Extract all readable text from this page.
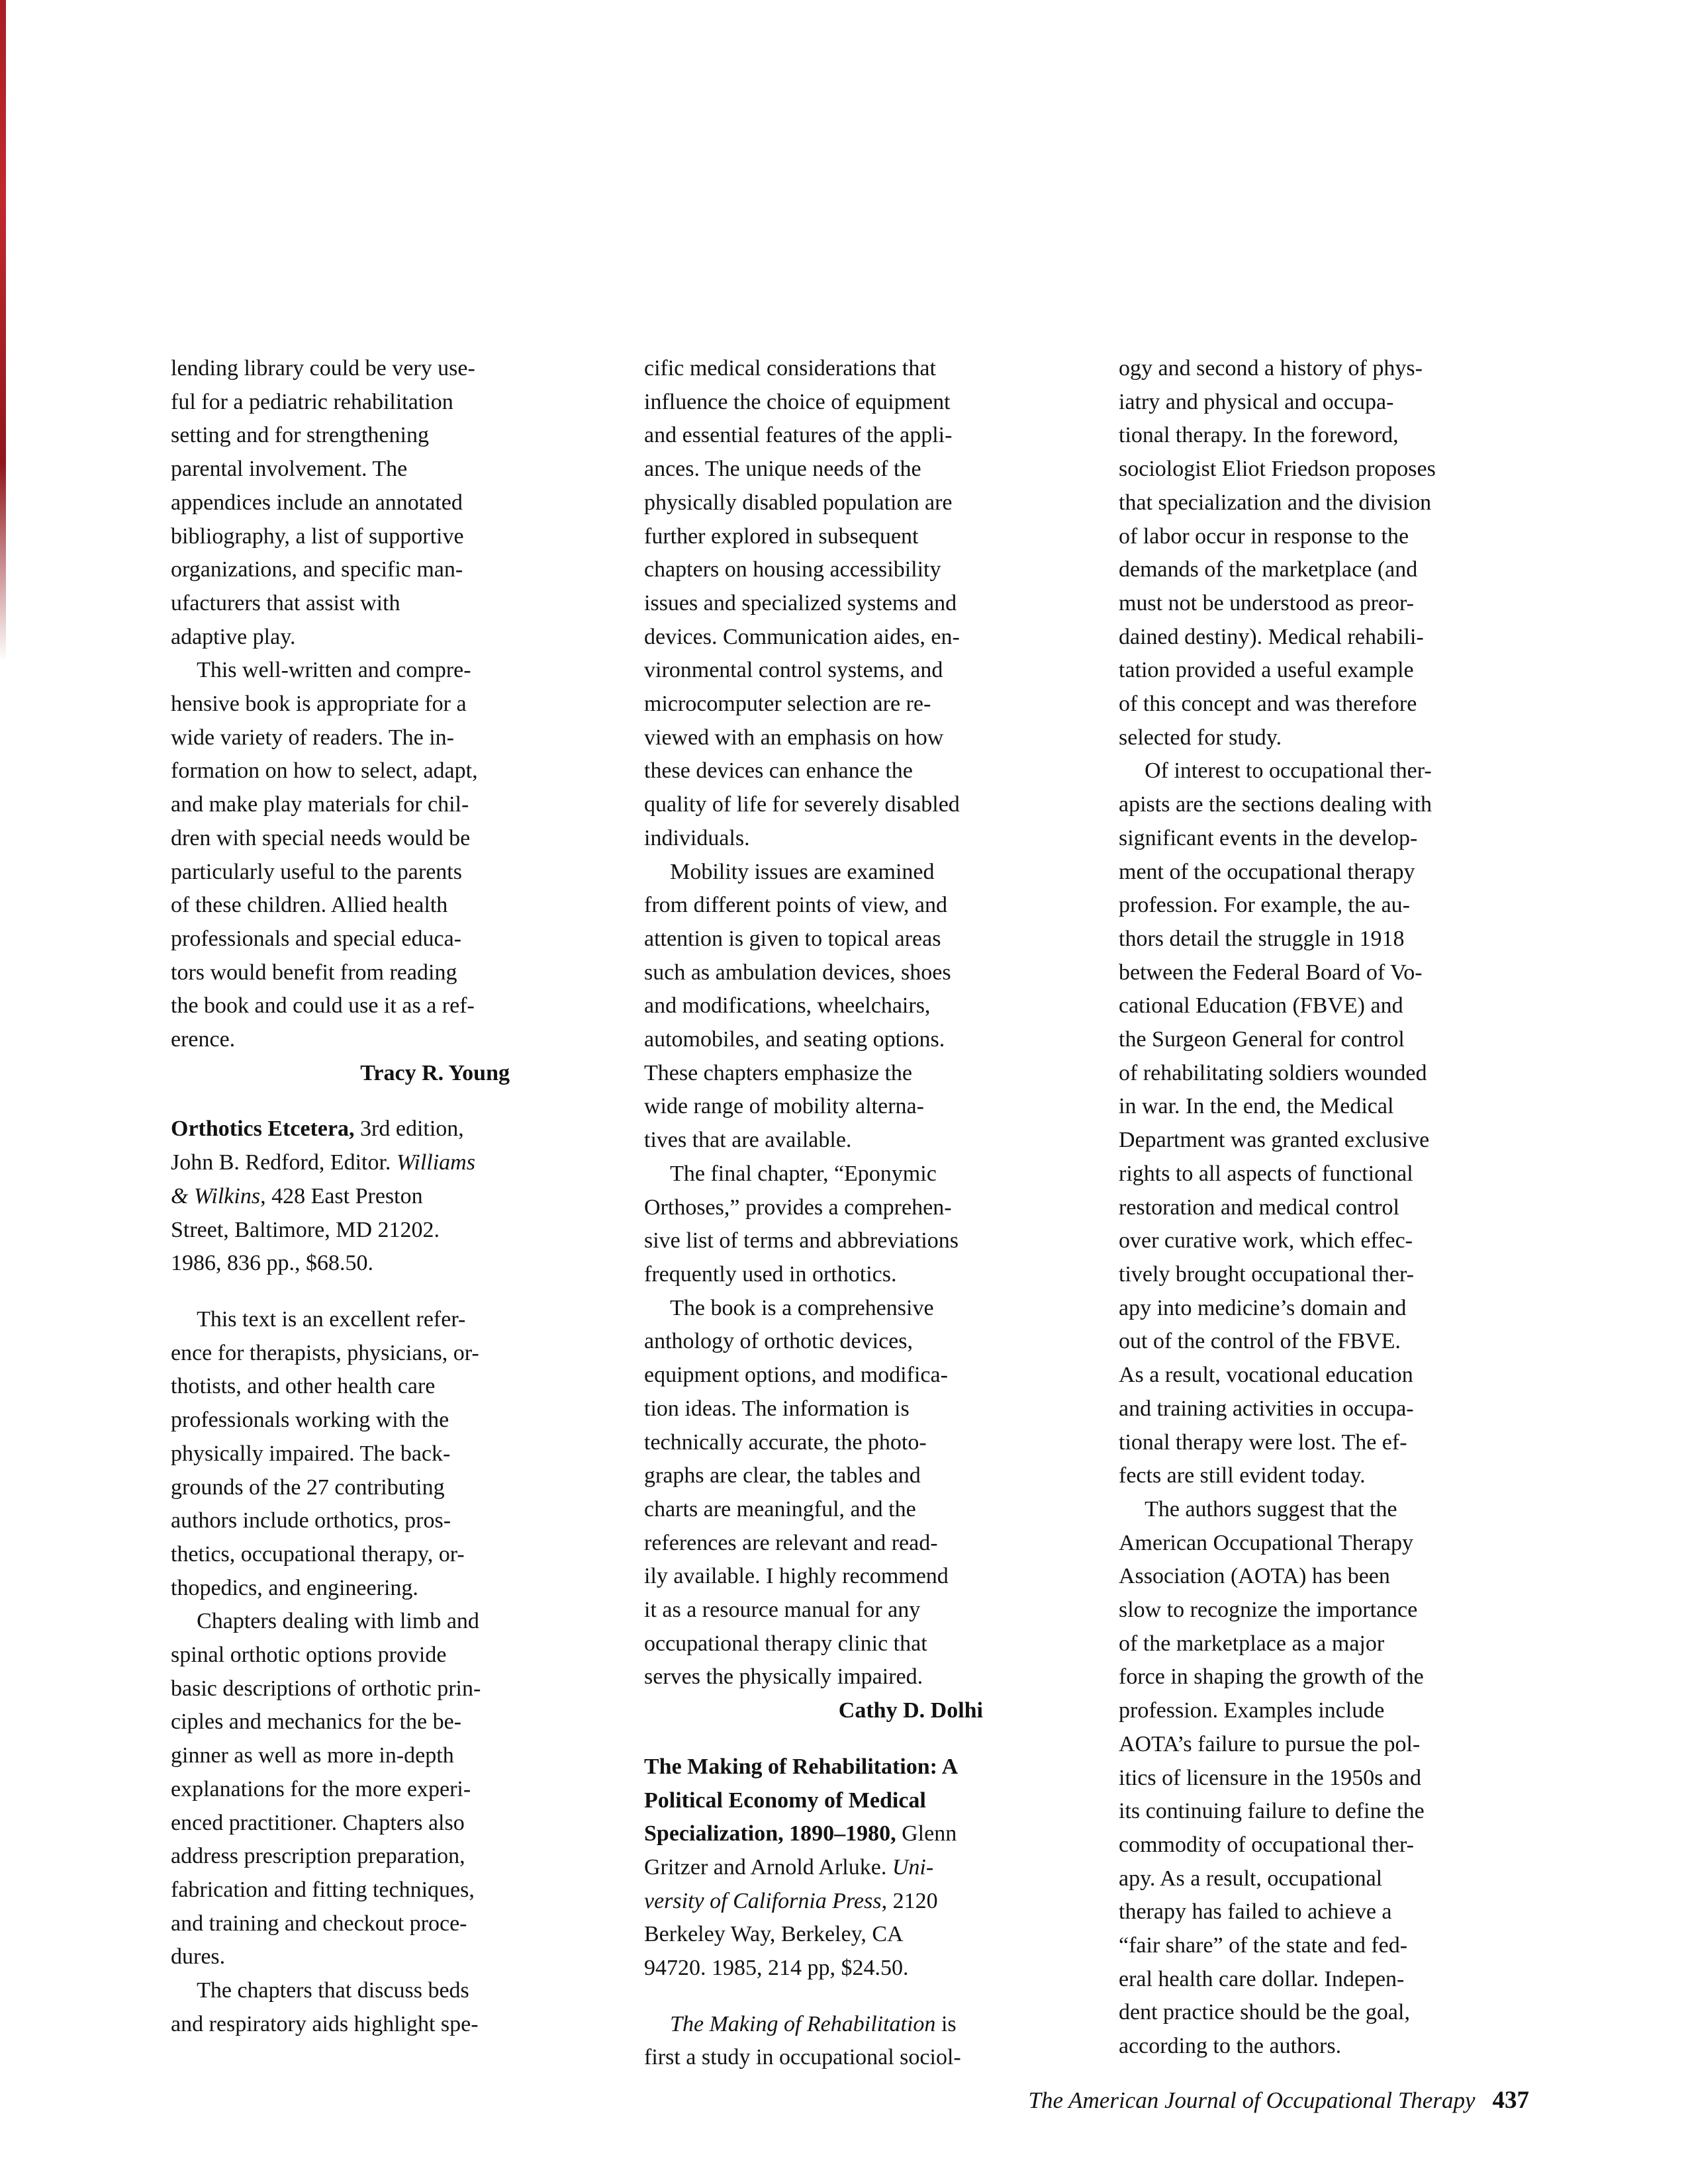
lending library could be very use-
ful for a pediatric rehabilitation
setting and for strengthening
parental involvement. The
appendices include an annotated
bibliography, a list of supportive
organizations, and specific man-
ufacturers that assist with
adaptive play.
This well-written and compre-
hensive book is appropriate for a
wide variety of readers. The in-
formation on how to select, adapt,
and make play materials for chil-
dren with special needs would be
particularly useful to the parents
of these children. Allied health
professionals and special educa-
tors would benefit from reading
the book and could use it as a ref-
erence.
Tracy R. Young
Orthotics Etcetera, 3rd edition,
John B. Redford, Editor. Williams
& Wilkins, 428 East Preston
Street, Baltimore, MD 21202.
1986, 836 pp., $68.50.
This text is an excellent refer-
ence for therapists, physicians, or-
thotists, and other health care
professionals working with the
physically impaired. The back-
grounds of the 27 contributing
authors include orthotics, pros-
thetics, occupational therapy, or-
thopedics, and engineering.
Chapters dealing with limb and
spinal orthotic options provide
basic descriptions of orthotic prin-
ciples and mechanics for the be-
ginner as well as more in-depth
explanations for the more experi-
enced practitioner. Chapters also
address prescription preparation,
fabrication and fitting techniques,
and training and checkout proce-
dures.
The chapters that discuss beds
and respiratory aids highlight spe-
cific medical considerations that
influence the choice of equipment
and essential features of the appli-
ances. The unique needs of the
physically disabled population are
further explored in subsequent
chapters on housing accessibility
issues and specialized systems and
devices. Communication aides, en-
vironmental control systems, and
microcomputer selection are re-
viewed with an emphasis on how
these devices can enhance the
quality of life for severely disabled
individuals.
Mobility issues are examined
from different points of view, and
attention is given to topical areas
such as ambulation devices, shoes
and modifications, wheelchairs,
automobiles, and seating options.
These chapters emphasize the
wide range of mobility alterna-
tives that are available.
The final chapter, “Eponymic
Orthoses,” provides a comprehen-
sive list of terms and abbreviations
frequently used in orthotics.
The book is a comprehensive
anthology of orthotic devices,
equipment options, and modifica-
tion ideas. The information is
technically accurate, the photo-
graphs are clear, the tables and
charts are meaningful, and the
references are relevant and read-
ily available. I highly recommend
it as a resource manual for any
occupational therapy clinic that
serves the physically impaired.
Cathy D. Dolhi
The Making of Rehabilitation: A
Political Economy of Medical
Specialization, 1890–1980, Glenn
Gritzer and Arnold Arluke. Uni-
versity of California Press, 2120
Berkeley Way, Berkeley, CA
94720. 1985, 214 pp, $24.50.
The Making of Rehabilitation is
first a study in occupational sociol-
ogy and second a history of phys-
iatry and physical and occupa-
tional therapy. In the foreword,
sociologist Eliot Friedson proposes
that specialization and the division
of labor occur in response to the
demands of the marketplace (and
must not be understood as preor-
dained destiny). Medical rehabili-
tation provided a useful example
of this concept and was therefore
selected for study.
Of interest to occupational ther-
apists are the sections dealing with
significant events in the develop-
ment of the occupational therapy
profession. For example, the au-
thors detail the struggle in 1918
between the Federal Board of Vo-
cational Education (FBVE) and
the Surgeon General for control
of rehabilitating soldiers wounded
in war. In the end, the Medical
Department was granted exclusive
rights to all aspects of functional
restoration and medical control
over curative work, which effec-
tively brought occupational ther-
apy into medicine’s domain and
out of the control of the FBVE.
As a result, vocational education
and training activities in occupa-
tional therapy were lost. The ef-
fects are still evident today.
The authors suggest that the
American Occupational Therapy
Association (AOTA) has been
slow to recognize the importance
of the marketplace as a major
force in shaping the growth of the
profession. Examples include
AOTA’s failure to pursue the pol-
itics of licensure in the 1950s and
its continuing failure to define the
commodity of occupational ther-
apy. As a result, occupational
therapy has failed to achieve a
“fair share” of the state and fed-
eral health care dollar. Indepen-
dent practice should be the goal,
according to the authors.
The American Journal of Occupational Therapy 437
